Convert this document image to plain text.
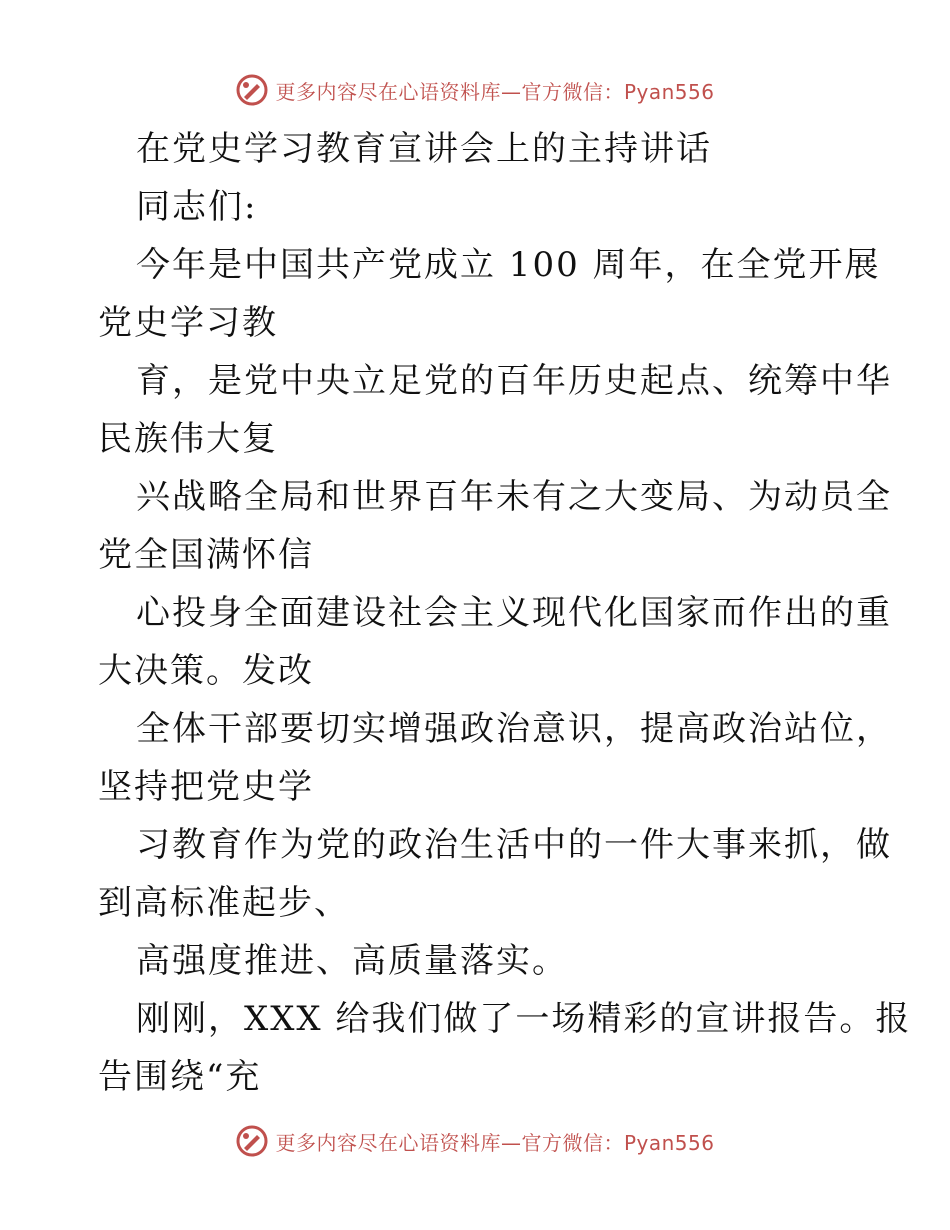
更多内容尽在心语资料库—官方微信：Pyan556
在党史学习教育宣讲会上的主持讲话
同志们:
今年是中国共产党成立 100 周年，在全党开展
党史学习教
育，是党中央立足党的百年历史起点、统筹中华
民族伟大复
兴战略全局和世界百年未有之大变局、为动员全
党全国满怀信
心投身全面建设社会主义现代化国家而作出的重
大决策。发改
全体干部要切实增强政治意识，提高政治站位，
坚持把党史学
习教育作为党的政治生活中的一件大事来抓，做
到高标准起步、
高强度推进、高质量落实。
刚刚，XXX 给我们做了一场精彩的宣讲报告。报
告围绕“充
更多内容尽在心语资料库—官方微信：Pyan556
